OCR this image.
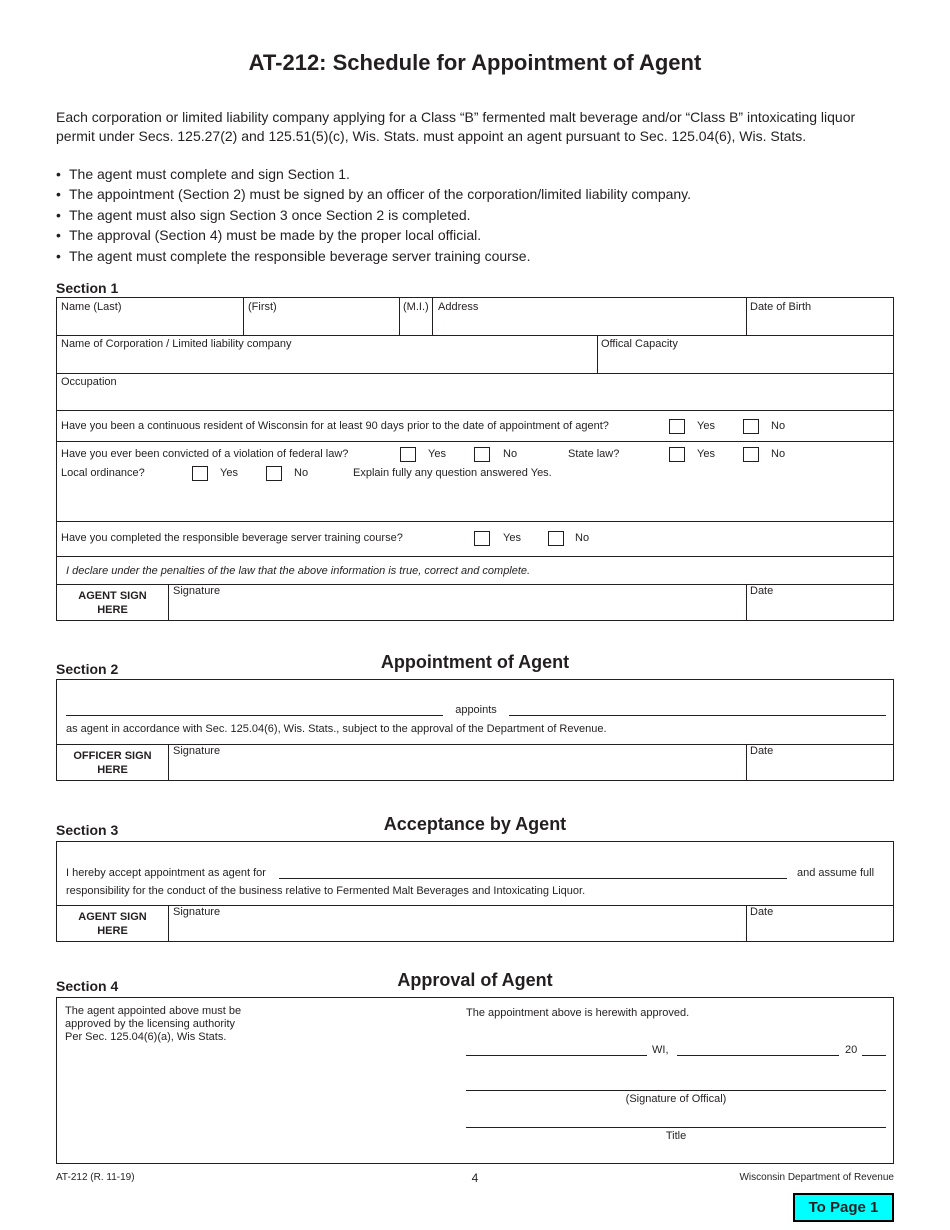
AT-212: Schedule for Appointment of Agent
Each corporation or limited liability company applying for a Class “B” fermented malt beverage and/or “Class B” intoxicating liquor permit under Secs. 125.27(2) and 125.51(5)(c), Wis. Stats. must appoint an agent pursuant to Sec. 125.04(6), Wis. Stats.
• The agent must complete and sign Section 1.
• The appointment (Section 2) must be signed by an officer of the corporation/limited liability company.
• The agent must also sign Section 3 once Section 2 is completed.
• The approval (Section 4) must be made by the proper local official.
• The agent must complete the responsible beverage server training course.
Section 1
Name (Last)	(First)	(M.I.) Address	Date of Birth
Name of Corporation / Limited liability company	Offical Capacity
Occupation
Have you been a continuous resident of Wisconsin for at least 90 days prior to the date of appointment of agent?	Yes	No
Have you ever been convicted of a violation of federal law?	Yes	No	State law?	Yes	No
Local ordinance?	Yes	No	Explain fully any question answered Yes.
Have you completed the responsible beverage server training course?	Yes	No
I declare under the penalties of the law that the above information is true, correct and complete.
AGENT SIGN
HERE
Signature	Date
Section 2	Appointment of Agent
appoints
as agent in accordance with Sec. 125.04(6), Wis. Stats., subject to the approval of the Department of Revenue.
OFFICER SIGN
HERE
Signature	Date
Section 3	Acceptance by Agent
I hereby accept appointment as agent for	and assume full
responsibility for the conduct of the business relative to Fermented Malt Beverages and Intoxicating Liquor.
AGENT SIGN
HERE
Signature	Date
Section 4	Approval of Agent
The agent appointed above must be
approved by the licensing authority
Per Sec. 125.04(6)(a), Wis Stats.
The appointment above is herewith approved.
WI,	20
(Signature of Offical)
Title
AT-212 (R. 11-19)	4	Wisconsin Department of Revenue
To Page 1
